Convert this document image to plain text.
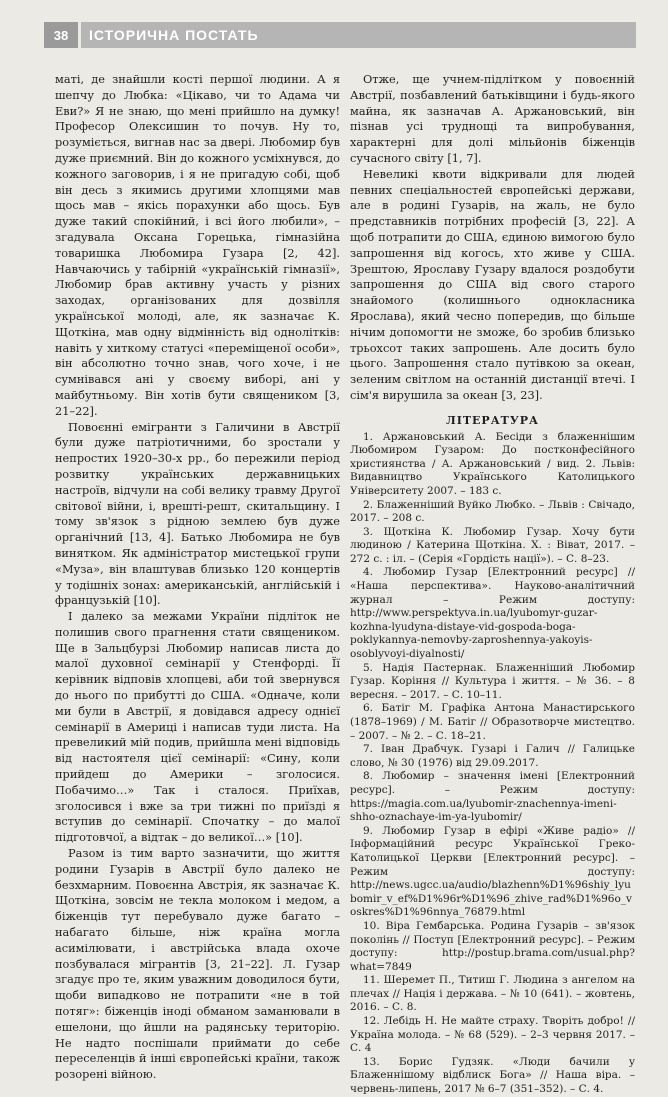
38	ІСТОРИЧНА ПОСТАТЬ

маті, де знайшли кості першої людини. А я шепчу до Любка: «Цікаво, чи то Адама чи Еви?» Я не знаю, що мені прийшло на думку! Професор Олексишин то почув. Ну то, розуміється, вигнав нас за двері. Любомир був дуже приємний. Він до кожного усміхнувся, до кожного заговорив, і я не пригадую собі, щоб він десь з якимись другими хлопцями мав щось мав – якісь порахунки або щось. Був дуже такий спокійний, і всі його любили», – згадувала Оксана Горецька, гімназійна товаришка Любомира Гузара [2, 42]. Навчаючись у табірній «українській гімназії», Любомир брав активну участь у різних заходах, організованих для дозвілля української молоді, але, як зазначає К. Щоткіна, мав одну відмінність від однолітків: навіть у хиткому статусі «переміщеної особи», він абсолютно точно знав, чого хоче, і не сумнівався ані у своєму виборі, ані у майбутньому. Він хотів бути священиком [3, 21–22].

Повоєнні емігранти з Галичини в Австрії були дуже патріотичними, бо зростали у непростих 1920–30-х рр., бо пережили період розвитку українських державницьких настроїв, відчули на собі велику травму Другої світової війни, і, врешті-решт, скитальщину. І тому зв'язок з рідною землею був дуже органічний [13, 4]. Батько Любомира не був винятком. Як адміністратор мистецької групи «Муза», він влаштував близько 120 концертів у тодішніх зонах: американській, англійській і французькій [10].

І далеко за межами України підліток не полишив свого прагнення стати священиком. Ще в Зальцбурзі Любомир написав листа до малої духовної семінарії у Стенфорді. Її керівник відповів хлопцеві, аби той звернувся до нього по прибутті до США. «Одначе, коли ми були в Австрії, я довідався адресу однієї семінарії в Америці і написав туди листа. На превеликий мій подив, прийшла мені відповідь від настоятеля цієї семінарії: «Сину, коли прийдеш до Америки – зголосися. Побачимо…» Так і сталося. Приїхав, зголосився і вже за три тижні по приїзді я вступив до семінарії. Спочатку – до малої підготовчої, а відтак – до великої…» [10].

Разом із тим варто зазначити, що життя родини Гузарів в Австрії було далеко не безхмарним. Повоєнна Австрія, як зазначає К. Щоткіна, зовсім не текла молоком і медом, а біженців тут перебувало дуже багато – набагато більше, ніж країна могла асимілювати, і австрійська влада охоче позбувалася мігрантів [3, 21–22]. Л. Гузар згадує про те, яким уважним доводилося бути, щоби випадково не потрапити «не в той потяг»: біженців іноді обманом заманювали в ешелони, що йшли на радянську територію. Не надто поспішали приймати до себе переселенців й інші європейські країни, також розорені війною.

Отже, ще учнем-підлітком у повоєнній Австрії, позбавлений батьківщини і будь-якого майна, як зазначав А. Аржановський, він пізнав усі труднощі та випробування, характерні для долі мільйонів біженців сучасного світу [1, 7].

Невеликі квоти відкривали для людей певних спеціальностей європейські держави, але в родині Гузарів, на жаль, не було представників потрібних професій [3, 22]. А щоб потрапити до США, єдиною вимогою було запрошення від когось, хто живе у США. Зрештою, Ярославу Гузару вдалося роздобути запрошення до США від свого старого знайомого (колишнього однокласника Ярослава), який чесно попередив, що більше нічим допомогти не зможе, бо зробив близько трьохсот таких запрошень. Але досить було цього. Запрошення стало путівкою за океан, зеленим світлом на останній дистанції втечі. І сім'я вирушила за океан [3, 23].

ЛІТЕРАТУРА
1. Аржановський А. Бесіди з блаженнішим Любомиром Гузаром: До постконфесійного християнства / А. Аржановський / вид. 2. Львів: Видавництво Українського Католицького Університету 2007. – 183 с.
2. Блаженніший Вуйко Любко. – Львів : Свічадо, 2017. – 208 с.
3. Щоткіна К. Любомир Гузар. Хочу бути людиною / Катерина Щоткіна. Х. : Віват, 2017. – 272 с. : іл. – (Серія «Гордість нації»). – С. 8–23.
4. Любомир Гузар [Електронний ресурс] // «Наша перспектива». Науково-аналітичний журнал – Режим доступу: http://www.perspektyva.in.ua/lyubomyr-guzar-kozhna-lyudyna-distaye-vid-gospoda-boga-poklykannya-nemovby-zaproshennya-yakoyis-osoblyvoyi-diyalnosti/
5. Надія Пастернак. Блаженніший Любомир Гузар. Коріння // Культура і життя. – № 36. – 8 вересня. – 2017. – С. 10–11.
6. Батіг М. Графіка Антона Манастирського (1878–1969) / М. Батіг // Образотворче мистецтво. – 2007. – № 2. – С. 18–21.
7. Іван Драбчук. Гузарі і Галич // Галицьке слово, № 30 (1976) від 29.09.2017.
8. Любомир – значення імені [Електронний ресурс]. – Режим доступу: https://magia.com.ua/lyubomir-znachennya-imeni-shho-oznachaye-im-ya-lyubomir/
9. Любомир Гузар в ефірі «Живе радіо» // Інформаційний ресурс Української Греко-Католицької Церкви [Електронний ресурс]. – Режим доступу: http://news.ugcc.ua/audio/blazhenn%D1%96shiy_lyubomir_v_ef%D1%96r%D1%96_zhive_rad%D1%96o_voskres%D1%96nnya_76879.html
10. Віра Гембарська. Родина Гузарів – зв'язок поколінь // Поступ [Електронний ресурс]. – Режим доступу: http://postup.brama.com/usual.php?what=7849
11. Шеремет П., Титиш Г. Людина з ангелом на плечах // Нація і держава. – № 10 (641). – жовтень, 2016. – С. 8.
12. Лебідь Н. Не майте страху. Творіть добро! // Україна молода. – № 68 (529). – 2–3 червня 2017. – С. 4
13. Борис Гудзяк. «Люди бачили у Блаженнішому відблиск Бога» // Наша віра. – червень-липень, 2017 № 6–7 (351–352). – С. 4.
